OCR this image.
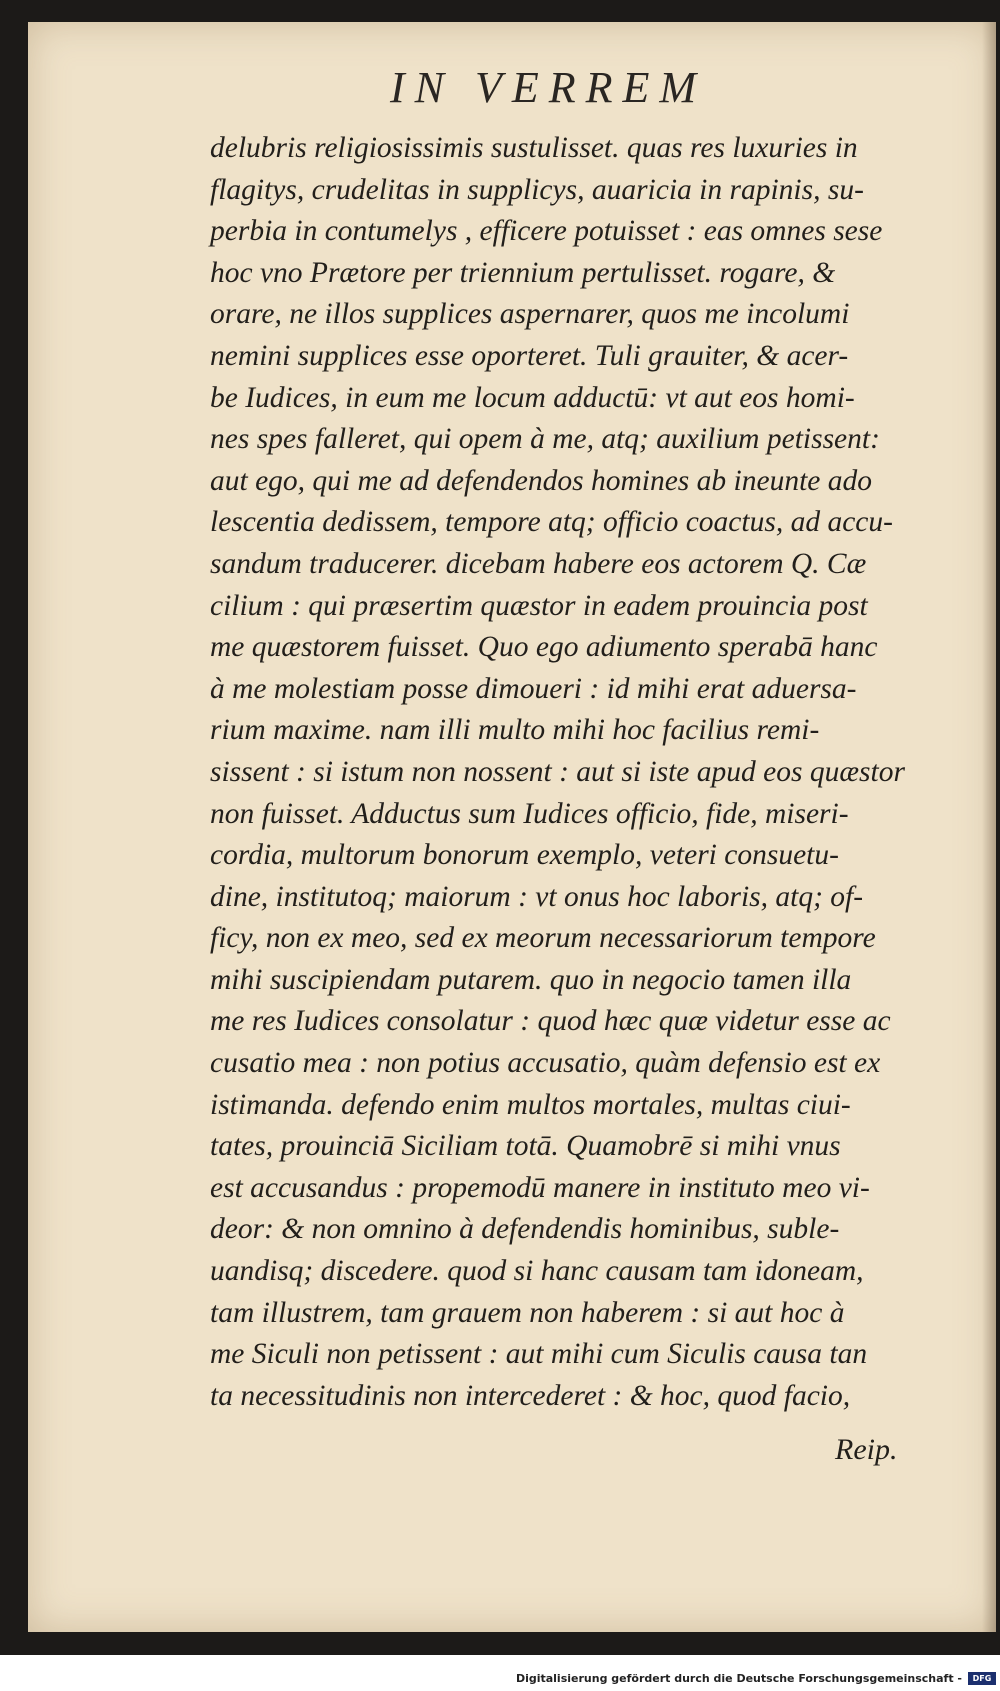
IN VERREM
delubris religiosissimis sustulisset. quas res luxuries in
flagitys, crudelitas in supplicys, auaricia in rapinis, su-
perbia in contumelys , efficere potuisset : eas omnes sese
hoc vno Prætore per triennium pertulisset. rogare, &
orare, ne illos supplices aspernarer, quos me incolumi
nemini supplices esse oporteret. Tuli grauiter, & acer-
be Iudices, in eum me locum adductū: vt aut eos homi-
nes spes falleret, qui opem à me, atq; auxilium petissent:
aut ego, qui me ad defendendos homines ab ineunte ado
lescentia dedissem, tempore atq; officio coactus, ad accu-
sandum traducerer. dicebam habere eos actorem Q. Cæ
cilium : qui præsertim quæstor in eadem prouincia post
me quæstorem fuisset. Quo ego adiumento sperabā hanc
à me molestiam posse dimoueri : id mihi erat aduersa-
rium maxime. nam illi multo mihi hoc facilius remi-
sissent : si istum non nossent : aut si iste apud eos quæstor
non fuisset. Adductus sum Iudices officio, fide, miseri-
cordia, multorum bonorum exemplo, veteri consuetu-
dine, institutoq; maiorum : vt onus hoc laboris, atq; of-
ficy, non ex meo, sed ex meorum necessariorum tempore
mihi suscipiendam putarem. quo in negocio tamen illa
me res Iudices consolatur : quod hæc quæ videtur esse ac
cusatio mea : non potius accusatio, quàm defensio est ex
istimanda. defendo enim multos mortales, multas ciui-
tates, prouinciā Siciliam totā. Quamobrē si mihi vnus
est accusandus : propemodū manere in instituto meo vi-
deor: & non omnino à defendendis hominibus, suble-
uandisq; discedere. quod si hanc causam tam idoneam,
tam illustrem, tam grauem non haberem : si aut hoc à
me Siculi non petissent : aut mihi cum Siculis causa tan
ta necessitudinis non intercederet : & hoc, quod facio,
Reip.
Digitalisierung gefördert durch die Deutsche Forschungsgemeinschaft -	DFG
